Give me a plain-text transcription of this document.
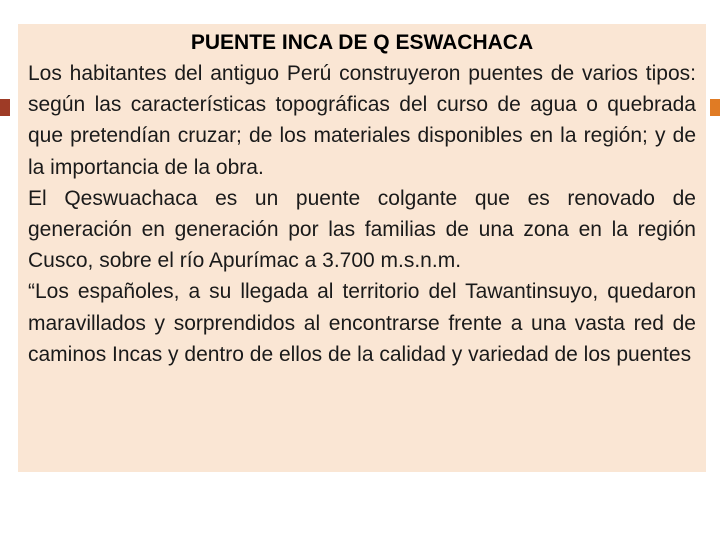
PUENTE INCA DE Q ESWACHACA

Los habitantes del antiguo Perú construyeron puentes de varios tipos: según las características topográficas del curso de agua o quebrada que pretendían cruzar; de los materiales disponibles en la región; y de la importancia de la obra.

El Qeswuachaca es un puente colgante que es renovado de generación en generación por las familias de una zona en la región Cusco, sobre el río Apurímac a 3.700 m.s.n.m.

“Los españoles, a su llegada al territorio del Tawantinsuyo, quedaron maravillados y sorprendidos al encontrarse frente a una vasta red de caminos Incas y dentro de ellos de la calidad y variedad de los puentes
